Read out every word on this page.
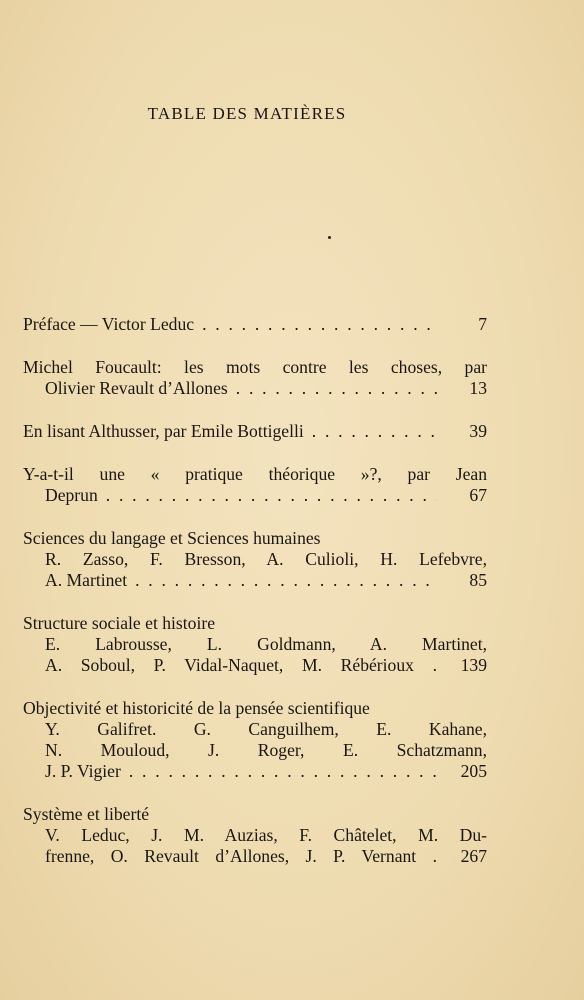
TABLE DES MATIÈRES
Préface — Victor Leduc . .	7
Michel Foucault: les mots contre les choses, par
Olivier Revault d’Allones . .	13
En lisant Althusser, par Emile Bottigelli . .	39
Y-a-t-il une « pratique théorique »?, par Jean
Deprun . .	67
Sciences du langage et Sciences humaines
R. Zasso, F. Bresson, A. Culioli, H. Lefebvre,
A. Martinet . .	85
Structure sociale et histoire
E. Labrousse, L. Goldmann, A. Martinet,
A. Soboul, P. Vidal-Naquet, M. Rébérioux .	139
Objectivité et historicité de la pensée scientifique
Y. Galifret. G. Canguilhem, E. Kahane,
N. Mouloud, J. Roger, E. Schatzmann,
J. P. Vigier . .	205
Système et liberté
V. Leduc, J. M. Auzias, F. Châtelet, M. Du-
frenne, O. Revault d’Allones, J. P. Vernant .	267
